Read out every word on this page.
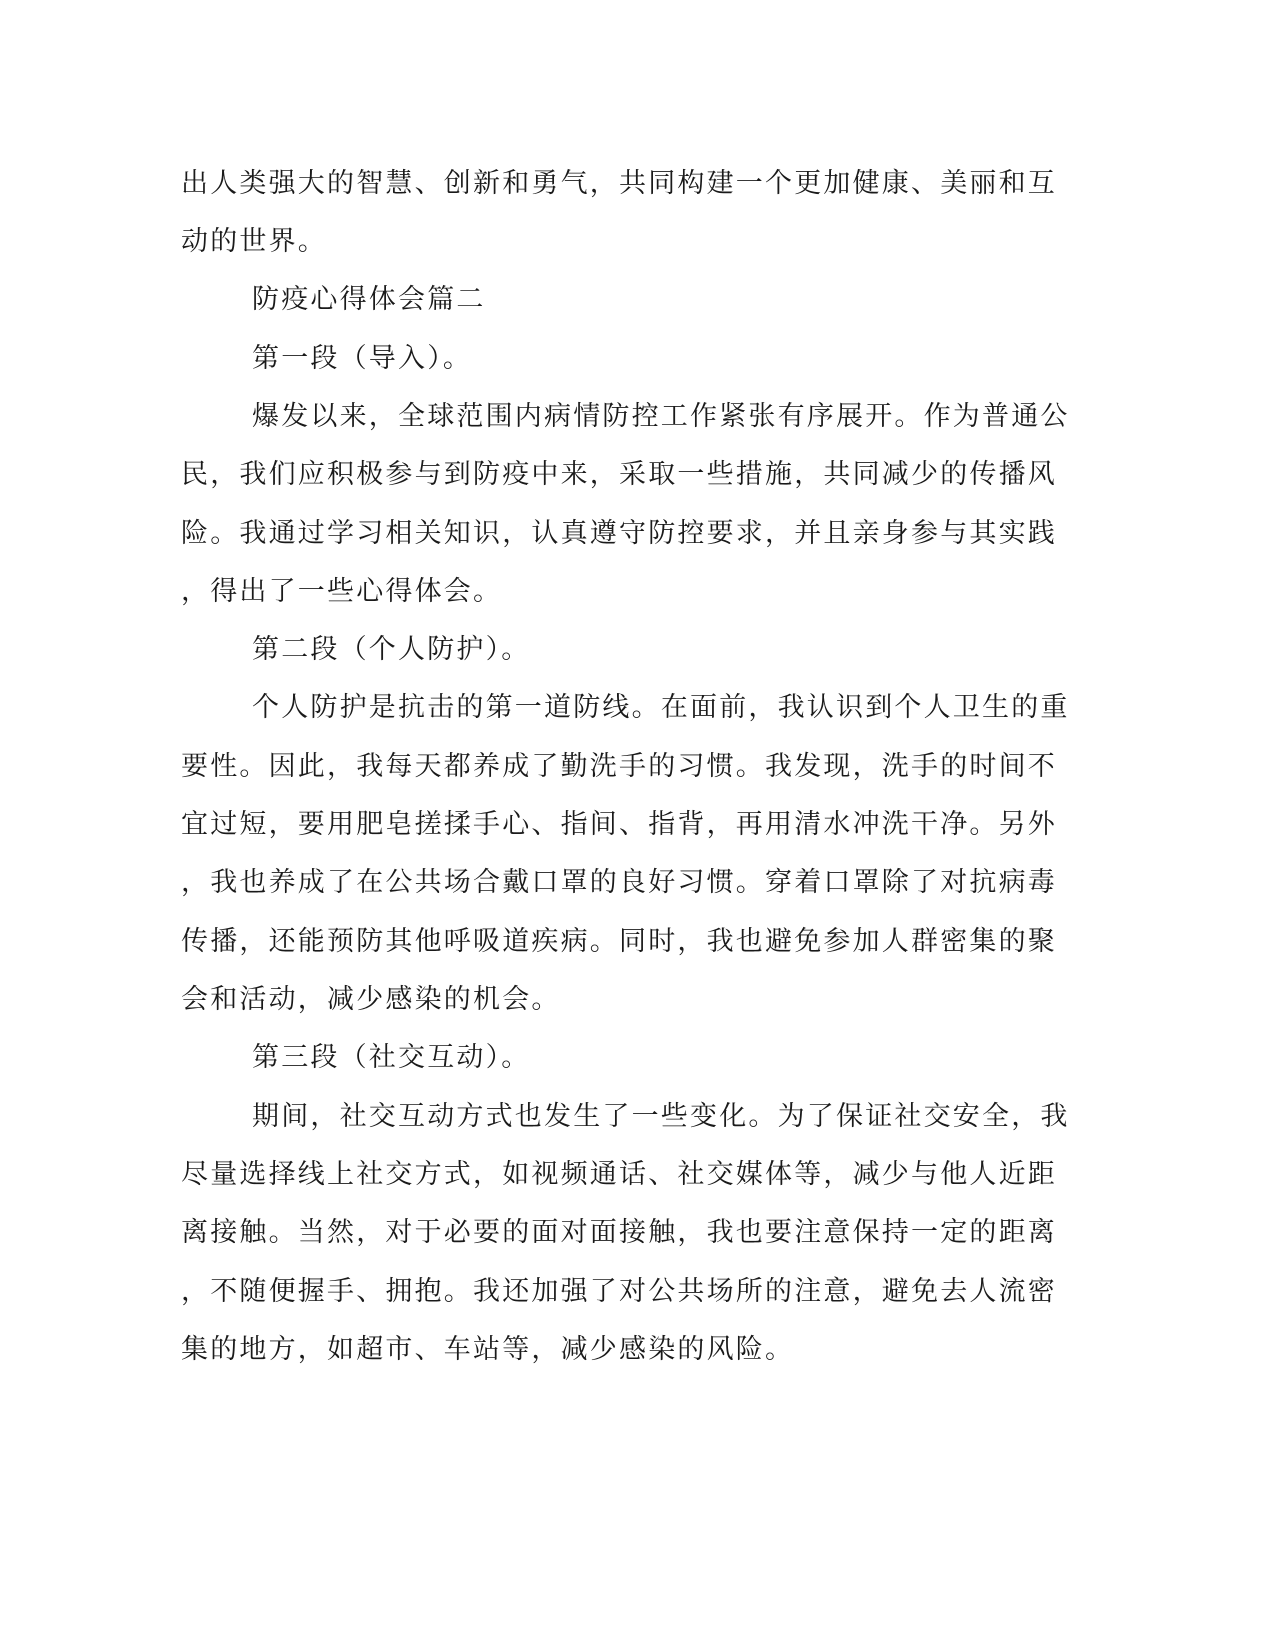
出人类强大的智慧、创新和勇气，共同构建一个更加健康、美丽和互
动的世界。
防疫心得体会篇二
第一段（导入）。
爆发以来，全球范围内病情防控工作紧张有序展开。作为普通公
民，我们应积极参与到防疫中来，采取一些措施，共同减少的传播风
险。我通过学习相关知识，认真遵守防控要求，并且亲身参与其实践
，得出了一些心得体会。
第二段（个人防护）。
个人防护是抗击的第一道防线。在面前，我认识到个人卫生的重
要性。因此，我每天都养成了勤洗手的习惯。我发现，洗手的时间不
宜过短，要用肥皂搓揉手心、指间、指背，再用清水冲洗干净。另外
，我也养成了在公共场合戴口罩的良好习惯。穿着口罩除了对抗病毒
传播，还能预防其他呼吸道疾病。同时，我也避免参加人群密集的聚
会和活动，减少感染的机会。
第三段（社交互动）。
期间，社交互动方式也发生了一些变化。为了保证社交安全，我
尽量选择线上社交方式，如视频通话、社交媒体等，减少与他人近距
离接触。当然，对于必要的面对面接触，我也要注意保持一定的距离
，不随便握手、拥抱。我还加强了对公共场所的注意，避免去人流密
集的地方，如超市、车站等，减少感染的风险。
